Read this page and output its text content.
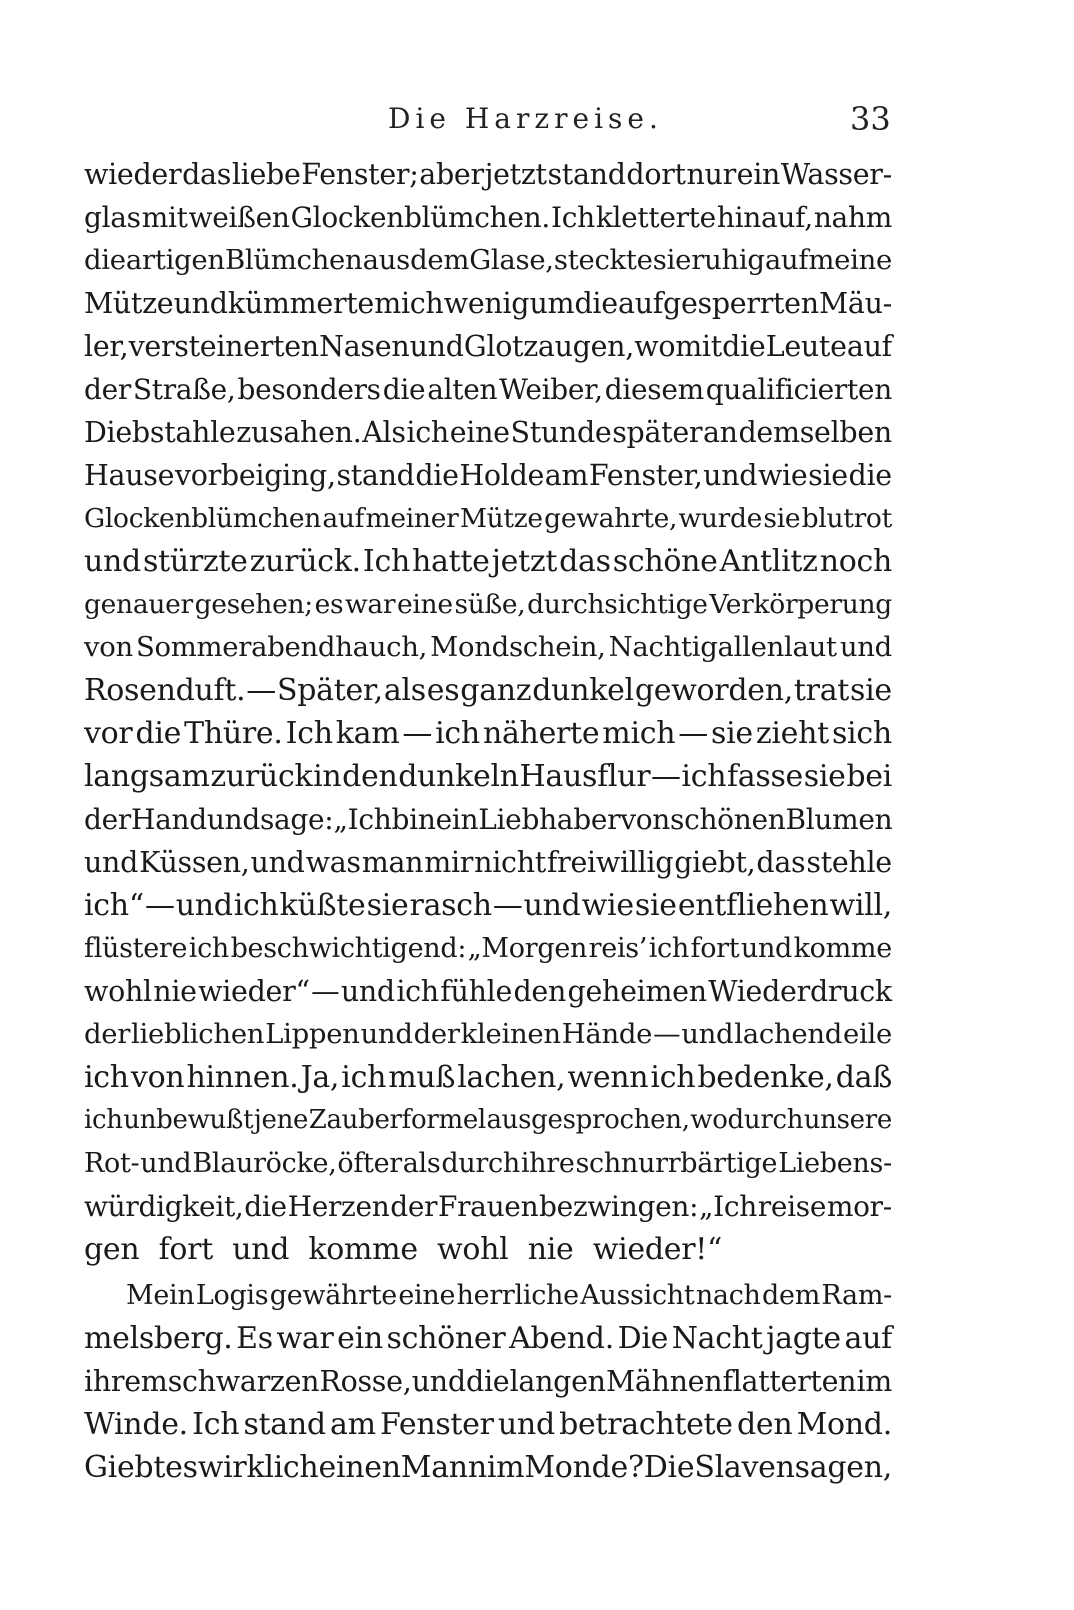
Die Harzreise.	33
wieder das liebe Fenster; aber jetzt stand dort nur ein Wasser-
glas mit weißen Glockenblümchen. Ich kletterte hinauf, nahm
die artigen Blümchen aus dem Glase, steckte sie ruhig auf meine
Mütze und kümmerte mich wenig um die aufgesperrten Mäu-
ler, versteinerten Nasen und Glotzaugen, womit die Leute auf
der Straße, besonders die alten Weiber, diesem qualificierten
Diebstahle zusahen. Als ich eine Stunde später an demselben
Hause vorbeiging, stand die Holde am Fenster, und wie sie die
Glockenblümchen auf meiner Mütze gewahrte, wurde sie blutrot
und stürzte zurück. Ich hatte jetzt das schöne Antlitz noch
genauer gesehen; es war eine süße, durchsichtige Verkörperung
von Sommerabendhauch, Mondschein, Nachtigallenlaut und
Rosenduft. — Später, als es ganz dunkel geworden, trat sie
vor die Thüre. Ich kam — ich näherte mich — sie zieht sich
langsam zurück in den dunkeln Hausflur — ich fasse sie bei
der Hand und sage: „Ich bin ein Liebhaber von schönen Blumen
und Küssen, und was man mir nicht freiwillig giebt, das stehle
ich“ — und ich küßte sie rasch — und wie sie entfliehen will,
flüstere ich beschwichtigend: „Morgen reis’ ich fort und komme
wohl nie wieder“ — und ich fühle den geheimen Wiederdruck
der lieblichen Lippen und der kleinen Hände — und lachend eile
ich von hinnen. Ja, ich muß lachen, wenn ich bedenke, daß
ich unbewußt jene Zauberformel ausgesprochen, wodurch unsere
Rot- und Blauröcke, öfter als durch ihre schnurrbärtige Liebens-
würdigkeit, die Herzen der Frauen bezwingen: „Ich reise mor-
gen fort und komme wohl nie wieder!“
Mein Logis gewährte eine herrliche Aussicht nach dem Ram-
melsberg. Es war ein schöner Abend. Die Nacht jagte auf
ihrem schwarzen Rosse, und die langen Mähnen flatterten im
Winde. Ich stand am Fenster und betrachtete den Mond.
Giebt es wirklich einen Mann im Monde? Die Slaven sagen,
